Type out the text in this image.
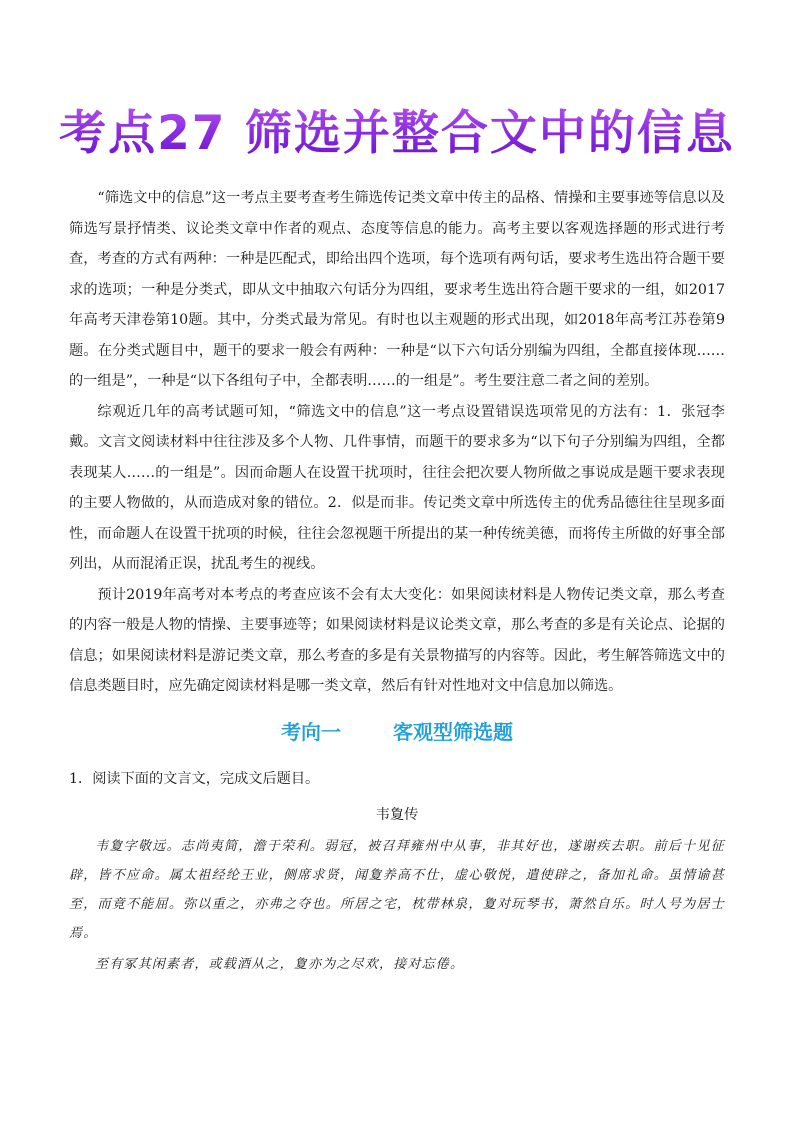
考点27 筛选并整合文中的信息

“筛选文中的信息”这一考点主要考查考生筛选传记类文章中传主的品格、情操和主要事迹等信息以及筛选写景抒情类、议论类文章中作者的观点、态度等信息的能力。高考主要以客观选择题的形式进行考查，考查的方式有两种：一种是匹配式，即给出四个选项，每个选项有两句话，要求考生选出符合题干要求的选项；一种是分类式，即从文中抽取六句话分为四组，要求考生选出符合题干要求的一组，如2017年高考天津卷第10题。其中，分类式最为常见。有时也以主观题的形式出现，如2018年高考江苏卷第9题。在分类式题目中，题干的要求一般会有两种：一种是“以下六句话分别编为四组，全都直接体现……的一组是”，一种是“以下各组句子中，全都表明……的一组是”。考生要注意二者之间的差别。

综观近几年的高考试题可知，“筛选文中的信息”这一考点设置错误选项常见的方法有：1．张冠李戴。文言文阅读材料中往往涉及多个人物、几件事情，而题干的要求多为“以下句子分别编为四组，全都表现某人……的一组是”。因而命题人在设置干扰项时，往往会把次要人物所做之事说成是题干要求表现的主要人物做的，从而造成对象的错位。2．似是而非。传记类文章中所选传主的优秀品德往往呈现多面性，而命题人在设置干扰项的时候，往往会忽视题干所提出的某一种传统美德，而将传主所做的好事全部列出，从而混淆正误，扰乱考生的视线。

预计2019年高考对本考点的考查应该不会有太大变化：如果阅读材料是人物传记类文章，那么考查的内容一般是人物的情操、主要事迹等；如果阅读材料是议论类文章，那么考查的多是有关论点、论据的信息；如果阅读材料是游记类文章，那么考查的多是有关景物描写的内容等。因此，考生解答筛选文中的信息类题目时，应先确定阅读材料是哪一类文章，然后有针对性地对文中信息加以筛选。

考向一	客观型筛选题

1．阅读下面的文言文，完成文后题目。

韦夐传

韦夐字敬远。志尚夷简，澹于荣利。弱冠，被召拜雍州中从事，非其好也，遂谢疾去职。前后十见征辟，皆不应命。属太祖经纶王业，侧席求贤，闻夐养高不仕，虚心敬悦，遣使辟之，备加礼命。虽情谕甚至，而竟不能屈。弥以重之，亦弗之夺也。所居之宅，枕带林泉，夐对玩琴书，萧然自乐。时人号为居士焉。

至有冢其闲素者，或载酒从之，夐亦为之尽欢，接对忘倦。
